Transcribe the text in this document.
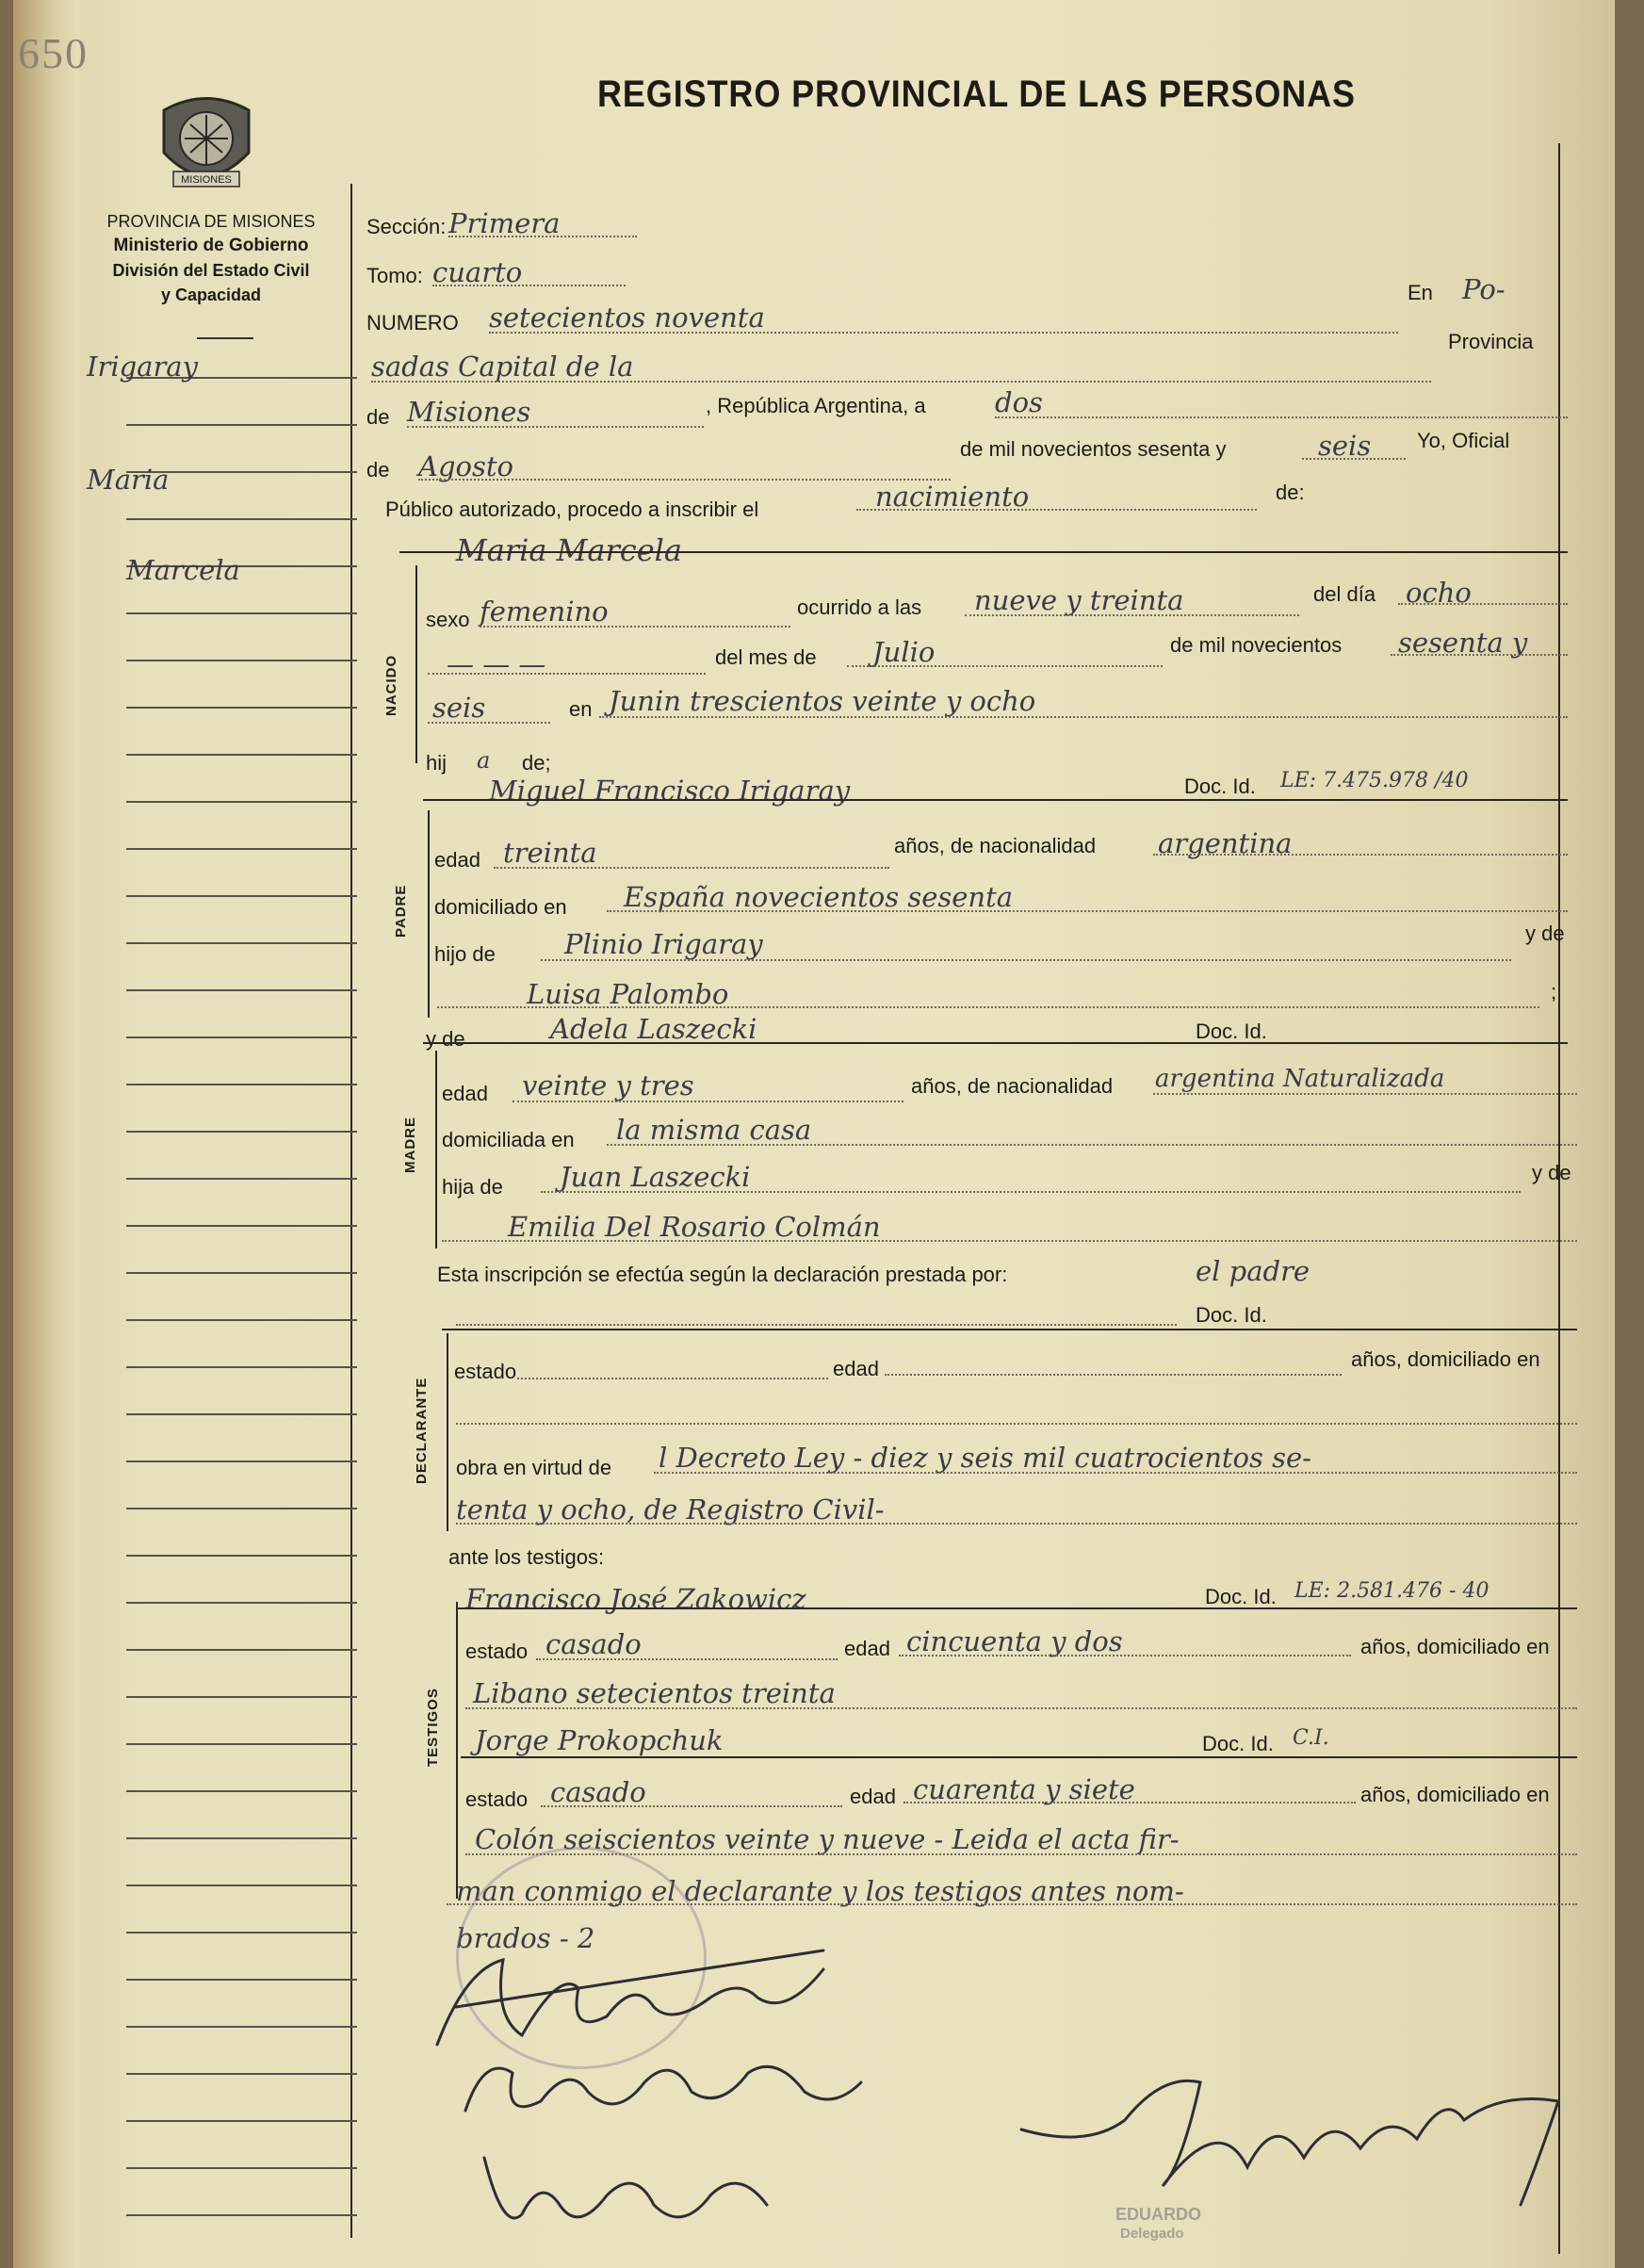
650
REGISTRO PROVINCIAL DE LAS PERSONAS
MISIONES
PROVINCIA DE MISIONES
Ministerio de Gobierno
División del Estado Civil
y Capacidad
Irigaray
Maria
Marcela
Sección: Primera
Tomo: cuarto
NUMERO setecientos noventa
En Po-
sadas Capital de la
Provincia
de Misiones	, República Argentina, a	dos
de Agosto
de mil novecientos sesenta y	seis Yo, Oficial
Público autorizado, procedo a inscribir el	nacimiento	de:
Maria Marcela
NACIDO
sexo femenino	ocurrido a las nueve y treinta	del día ocho
— — —	del mes de Julio	de mil novecientos sesenta y
seis	en Junin trescientos veinte y ocho
hij a de;
Miguel Francisco Irigaray	Doc. Id. LE: 7.475.978 /40
PADRE
edad treinta	años, de nacionalidad argentina
domiciliado en España novecientos sesenta
hijo de	Plinio Irigaray	y de
Luisa Palombo	;
y de	Adela Laszecki	Doc. Id.
MADRE
edad veinte y tres	años, de nacionalidad argentina Naturalizada
domiciliada en la misma casa
hija de Juan Laszecki	y de
Emilia Del Rosario Colmán
Esta inscripción se efectúa según la declaración prestada por:	el padre
Doc. Id.
DECLARANTE
estado	edad	años, domiciliado en
obra en virtud de l Decreto Ley - diez y seis mil cuatrocientos se-
tenta y ocho, de Registro Civil-
ante los testigos:
Francisco José Zakowicz	Doc. Id. LE: 2.581.476 - 40
TESTIGOS
estado casado	edad cincuenta y dos	años, domiciliado en
Libano setecientos treinta
Jorge Prokopchuk	Doc. Id. C.I.
estado casado	edad cuarenta y siete	años, domiciliado en
Colón seiscientos veinte y nueve - Leida el acta fir-
man conmigo el declarante y los testigos antes nom-
brados - 2
EDUARDO
Delegado
